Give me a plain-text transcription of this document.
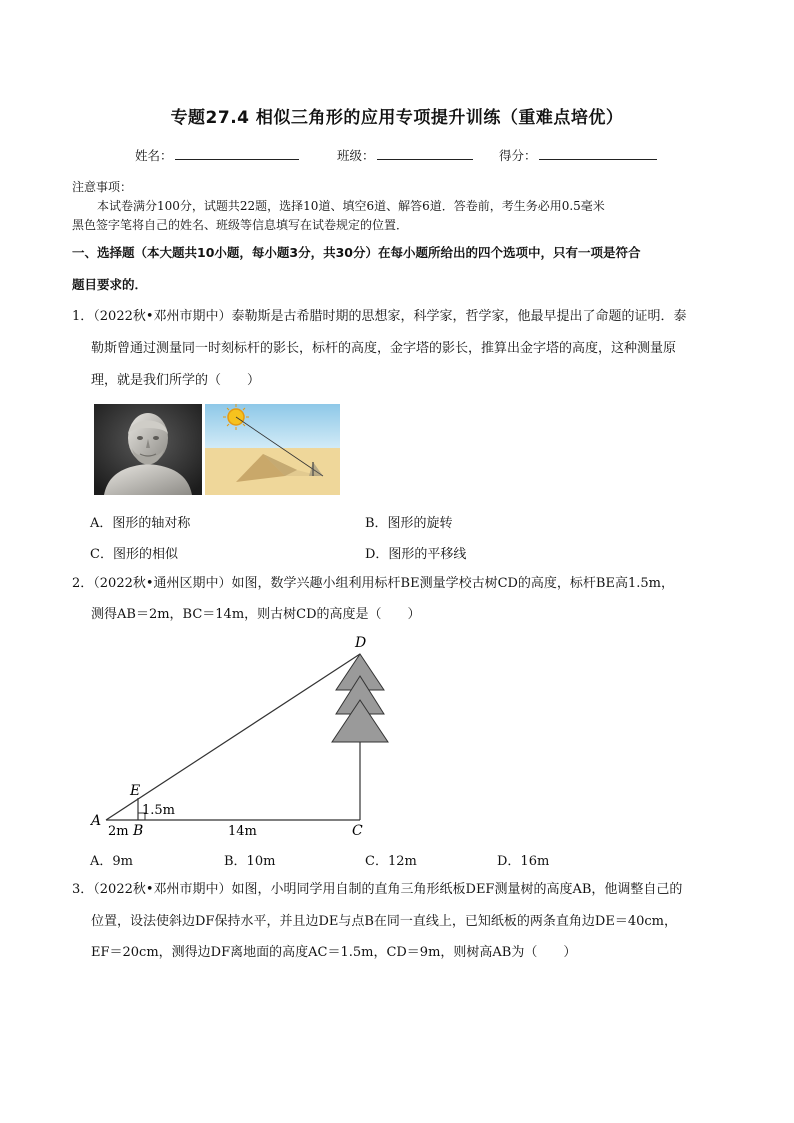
专题27.4 相似三角形的应用专项提升训练（重难点培优）
姓名：	班级：	得分：
注意事项：
本试卷满分100分，试题共22题，选择10道、填空6道、解答6道．答卷前，考生务必用0.5毫米
黑色签字笔将自己的姓名、班级等信息填写在试卷规定的位置．
一、选择题（本大题共10小题，每小题3分，共30分）在每小题所给出的四个选项中，只有一项是符合
题目要求的．
1．（2022秋•邓州市期中）泰勒斯是古希腊时期的思想家，科学家，哲学家，他最早提出了命题的证明．泰
勒斯曾通过测量同一时刻标杆的影长，标杆的高度，金字塔的影长，推算出金字塔的高度，这种测量原
理，就是我们所学的（　　）
A．图形的轴对称	B．图形的旋转
C．图形的相似	D．图形的平移线
2．（2022秋•通州区期中）如图，数学兴趣小组利用标杆BE测量学校古树CD的高度，标杆BE高1.5m，
测得AB＝2m，BC＝14m，则古树CD的高度是（　　）
D
E
A
B	C
1.5m
2m	14m
A．9m	B．10m	C．12m	D．16m
3．（2022秋•邓州市期中）如图，小明同学用自制的直角三角形纸板DEF测量树的高度AB，他调整自己的
位置，设法使斜边DF保持水平，并且边DE与点B在同一直线上，已知纸板的两条直角边DE＝40cm，
EF＝20cm，测得边DF离地面的高度AC＝1.5m，CD＝9m，则树高AB为（　　）
